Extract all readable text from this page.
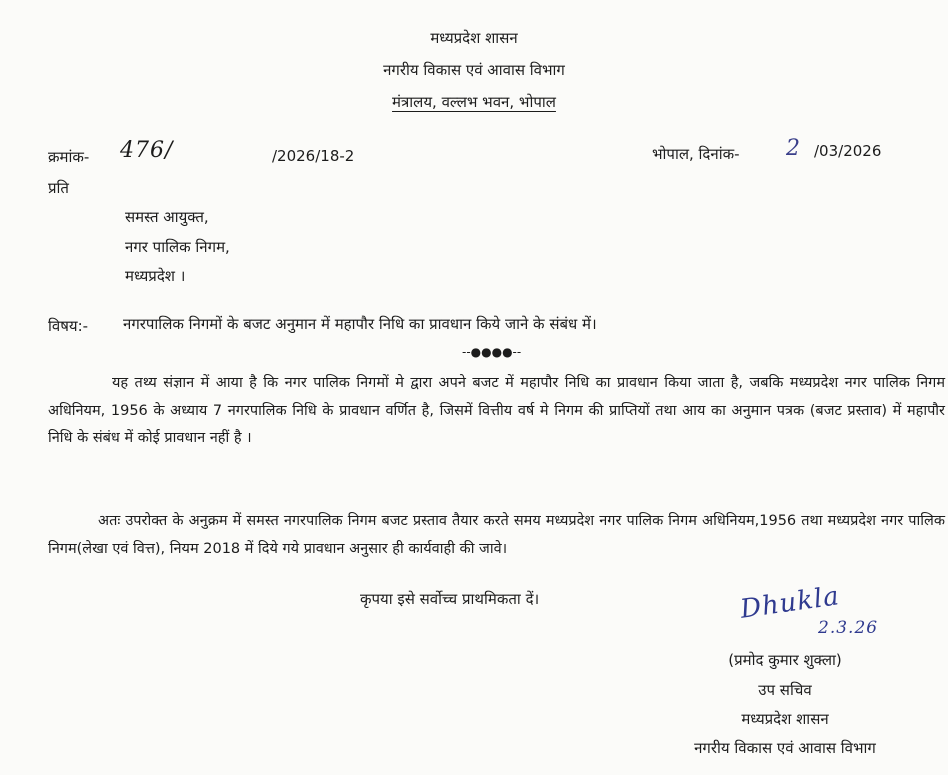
मध्यप्रदेश शासन
नगरीय विकास एवं आवास विभाग
मंत्रालय, वल्लभ भवन, भोपाल
क्रमांक- 476/	/2026/18-2	भोपाल, दिनांक- 2 /03/2026
प्रति
समस्त आयुक्त,
नगर पालिक निगम,
मध्यप्रदेश ।
विषय:- नगरपालिक निगमों के बजट अनुमान में महापौर निधि का प्रावधान किये जाने के संबंध में।
--●●●●--
यह तथ्य संज्ञान में आया है कि नगर पालिक निगमों मे द्वारा अपने बजट में महापौर निधि का प्रावधान किया जाता है, जबकि मध्यप्रदेश नगर पालिक निगम अधिनियम, 1956 के अध्याय 7 नगरपालिक निधि के प्रावधान वर्णित है, जिसमें वित्तीय वर्ष मे निगम की प्राप्तियों तथा आय का अनुमान पत्रक (बजट प्रस्ताव) में महापौर निधि के संबंध में कोई प्रावधान नहीं है ।
अतः उपरोक्त के अनुक्रम में समस्त नगरपालिक निगम बजट प्रस्ताव तैयार करते समय मध्यप्रदेश नगर पालिक निगम अधिनियम,1956 तथा मध्यप्रदेश नगर पालिक निगम(लेखा एवं वित्त), नियम 2018 में दिये गये प्रावधान अनुसार ही कार्यवाही की जावे।
कृपया इसे सर्वोच्च प्राथमिकता दें।	Dhukla
2.3.26
(प्रमोद कुमार शुक्ला)
उप सचिव
मध्यप्रदेश शासन
नगरीय विकास एवं आवास विभाग
